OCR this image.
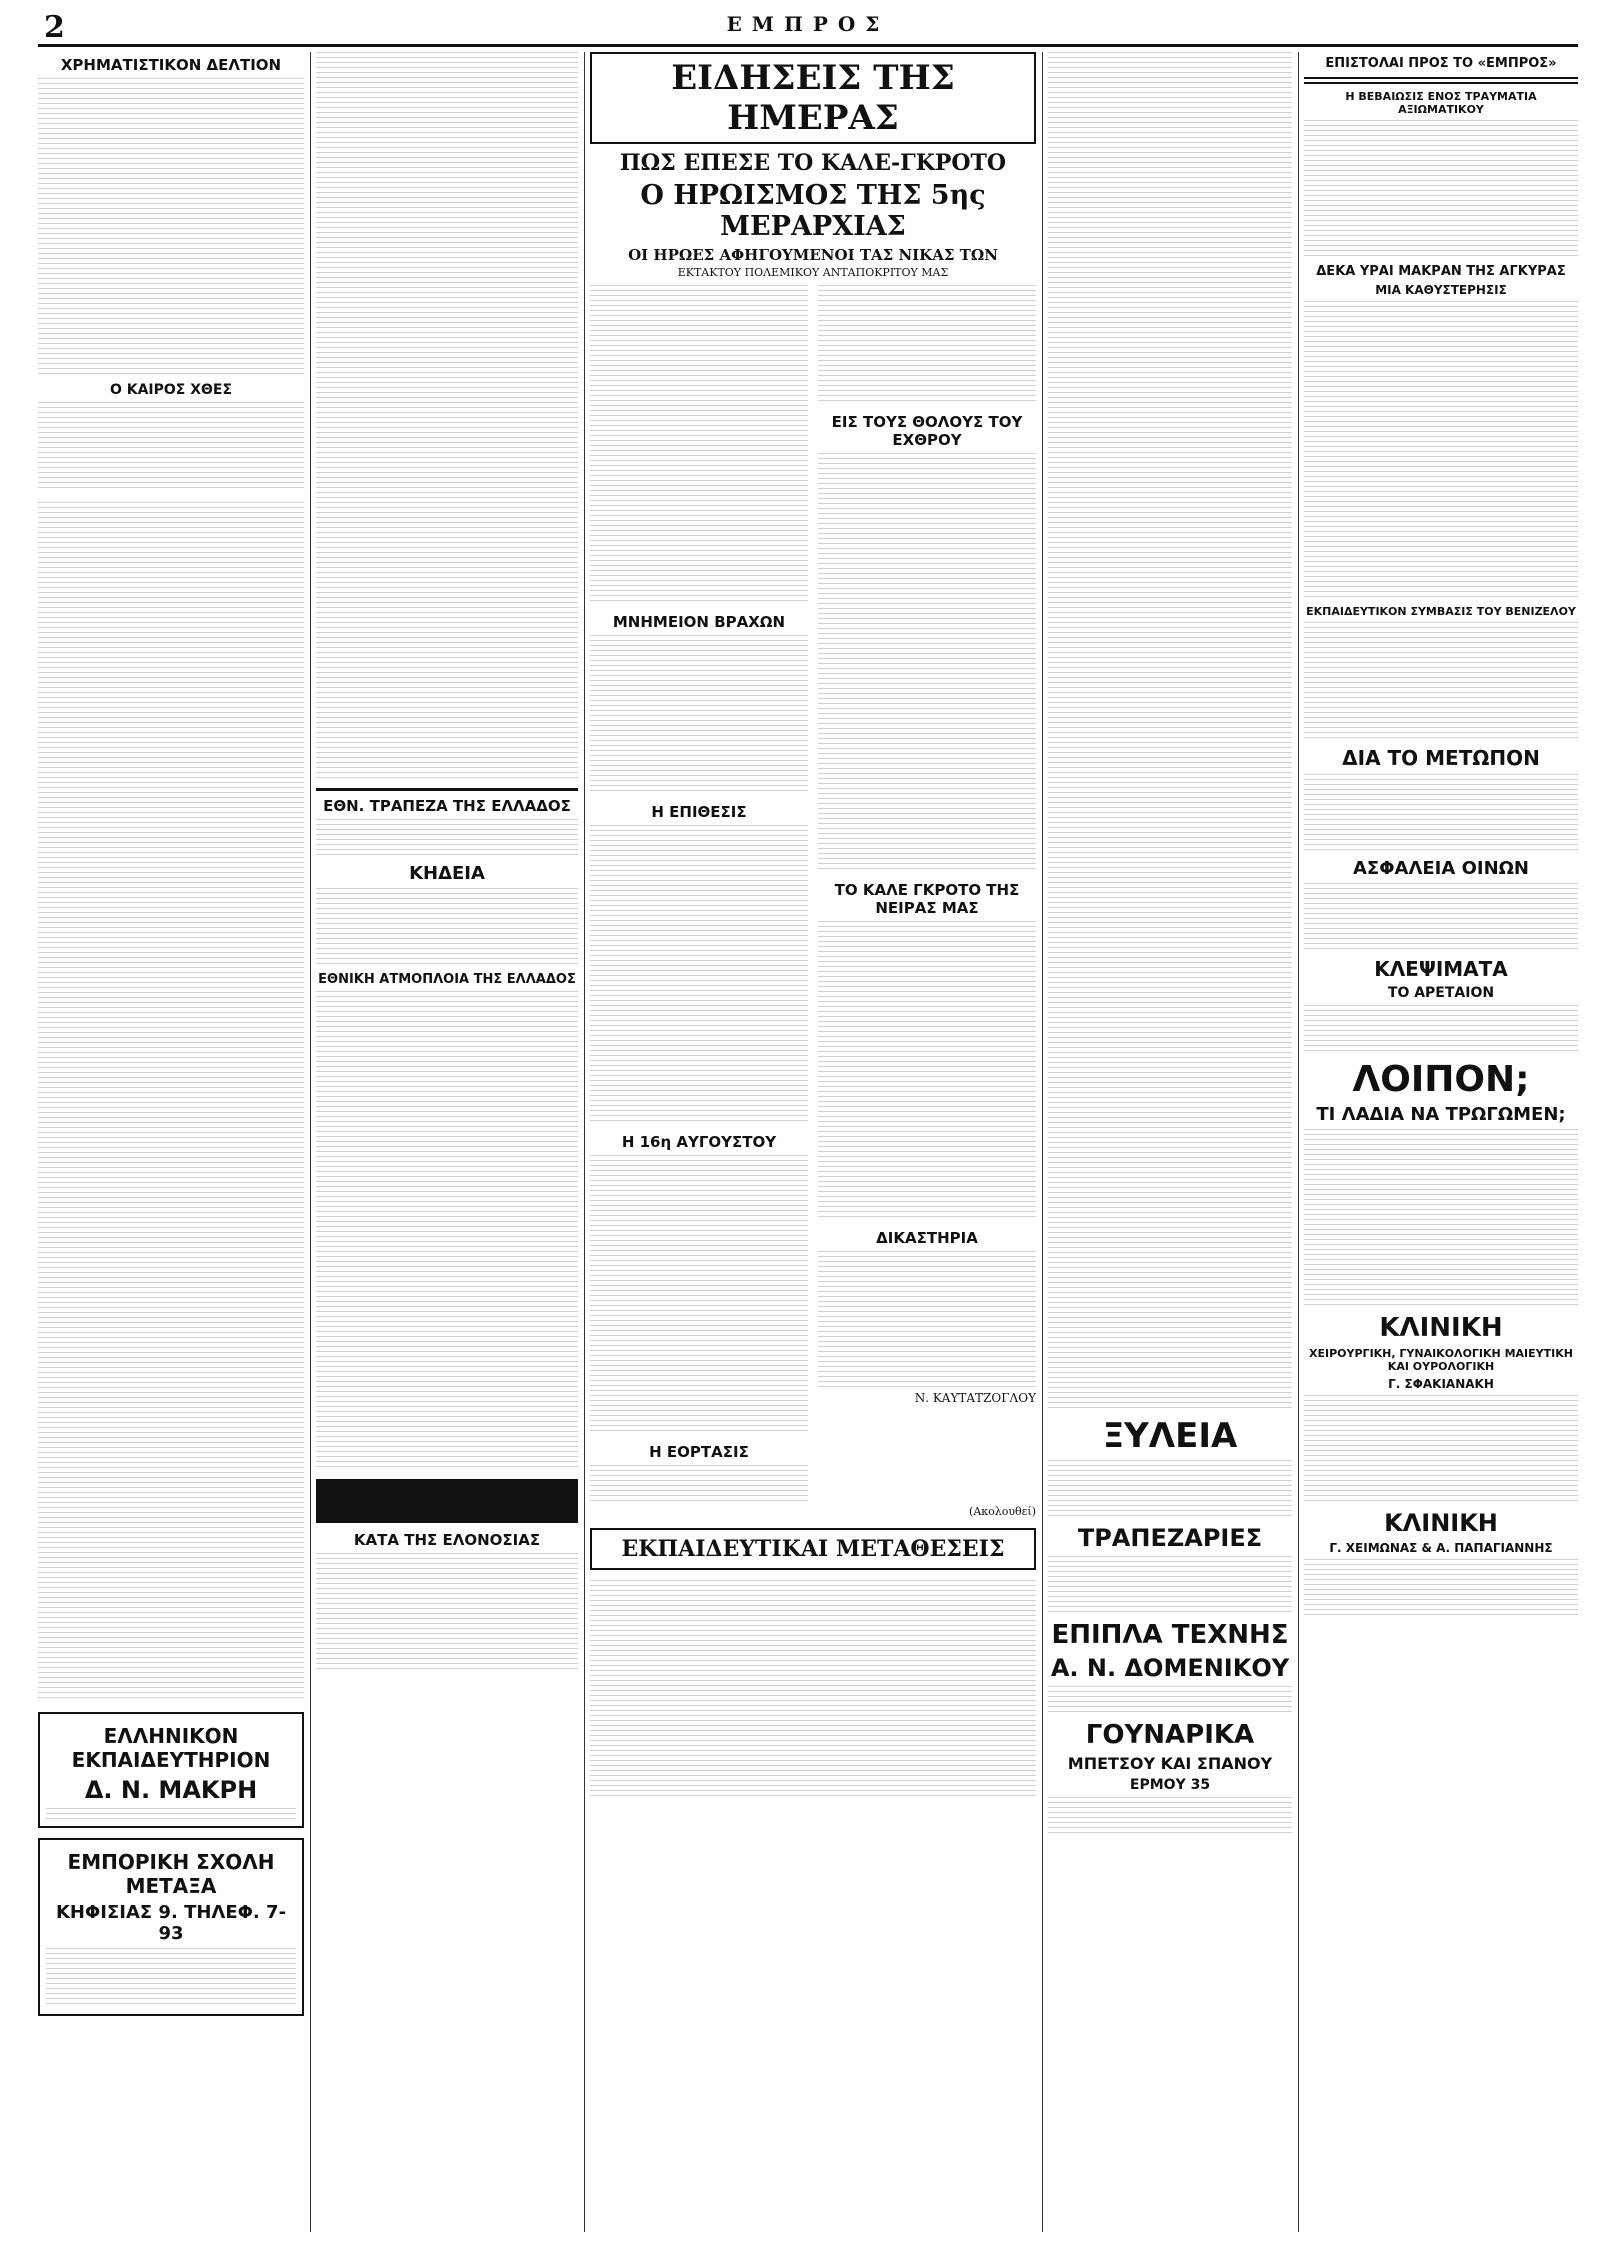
2	ΕΜΠΡΟΣ
ΧΡΗΜΑΤΙΣΤΙΚΟΝ ΔΕΛΤΙΟΝ
Ο ΚΑΙΡΟΣ ΧΘΕΣ
ΕΛΛΗΝΙΚΟΝ ΕΚΠΑΙΔΕΥΤΗΡΙΟΝ
Δ. Ν. ΜΑΚΡΗ
ΕΜΠΟΡΙΚΗ ΣΧΟΛΗ ΜΕΤΑΞΑ
ΚΗΦΙΣΙΑΣ 9. ΤΗΛΕΦ. 7-93
ΕΘΝ. ΤΡΑΠΕΖΑ ΤΗΣ ΕΛΛΑΔΟΣ
ΚΗΔΕΙΑ
ΕΘΝΙΚΗ ΑΤΜΟΠΛΟΙΑ ΤΗΣ ΕΛΛΑΔΟΣ
ΚΑΤΑ ΤΗΣ ΕΛΟΝΟΣΙΑΣ
ΕΙΔΗΣΕΙΣ ΤΗΣ ΗΜΕΡΑΣ
ΠΩΣ ΕΠΕΣΕ ΤΟ ΚΑΛΕ-ΓΚΡΟΤΟ
Ο ΗΡΩΙΣΜΟΣ ΤΗΣ 5ης ΜΕΡΑΡΧΙΑΣ
ΟΙ ΗΡΩΕΣ ΑΦΗΓΟΥΜΕΝΟΙ ΤΑΣ ΝΙΚΑΣ ΤΩΝ
ΕΚΤΑΚΤΟΥ ΠΟΛΕΜΙΚΟΥ ΑΝΤΑΠΟΚΡΙΤΟΥ ΜΑΣ
ΜΝΗΜΕΙΟΝ ΒΡΑΧΩΝ
Η ΕΠΙΘΕΣΙΣ
Η 16η ΑΥΓΟΥΣΤΟΥ
Η ΕΟΡΤΑΣΙΣ
ΕΙΣ ΤΟΥΣ ΘΟΛΟΥΣ ΤΟΥ ΕΧΘΡΟΥ
ΤΟ ΚΑΛΕ ΓΚΡΟΤΟ ΤΗΣ ΝΕΙΡΑΣ ΜΑΣ
ΔΙΚΑΣΤΗΡΙΑ
Ν. ΚΑΥΤΑΤΖΟΓΛΟΥ
(Ακολουθεί)
ΕΚΠΑΙΔΕΥΤΙΚΑΙ ΜΕΤΑΘΕΣΕΙΣ
ΞΥΛΕΙΑ
ΤΡΑΠΕΖΑΡΙΕΣ
ΕΠΙΠΛΑ ΤΕΧΝΗΣ
Α. Ν. ΔΟΜΕΝΙΚΟΥ
ΓΟΥΝΑΡΙΚΑ
ΜΠΕΤΣΟΥ ΚΑΙ ΣΠΑΝΟΥ
ΕΡΜΟΥ 35
ΕΠΙΣΤΟΛΑΙ ΠΡΟΣ ΤΟ «ΕΜΠΡΟΣ»
Η ΒΕΒΑΙΩΣΙΣ ΕΝΟΣ ΤΡΑΥΜΑΤΙΑ ΑΞΙΩΜΑΤΙΚΟΥ
ΔΕΚΑ ΥΡΑΙ ΜΑΚΡΑΝ ΤΗΣ ΑΓΚΥΡΑΣ
ΜΙΑ ΚΑΘΥΣΤΕΡΗΣΙΣ
ΕΚΠΑΙΔΕΥΤΙΚΟΝ ΣΥΜΒΑΣΙΣ ΤΟΥ ΒΕΝΙΖΕΛΟΥ
ΔΙΑ ΤΟ ΜΕΤΩΠΟΝ
ΑΣΦΑΛΕΙΑ ΟΙΝΩΝ
ΚΛΕΨΙΜΑΤΑ
ΤΟ ΑΡΕΤΑΙΟΝ
ΛΟΙΠΟΝ;
ΤΙ ΛΑΔΙΑ ΝΑ ΤΡΩΓΩΜΕΝ;
ΚΛΙΝΙΚΗ
ΧΕΙΡΟΥΡΓΙΚΗ, ΓΥΝΑΙΚΟΛΟΓΙΚΗ ΜΑΙΕΥΤΙΚΗ ΚΑΙ ΟΥΡΟΛΟΓΙΚΗ
Γ. ΣΦΑΚΙΑΝΑΚΗ
ΚΛΙΝΙΚΗ
Γ. ΧΕΙΜΩΝΑΣ & Α. ΠΑΠΑΓΙΑΝΝΗΣ
